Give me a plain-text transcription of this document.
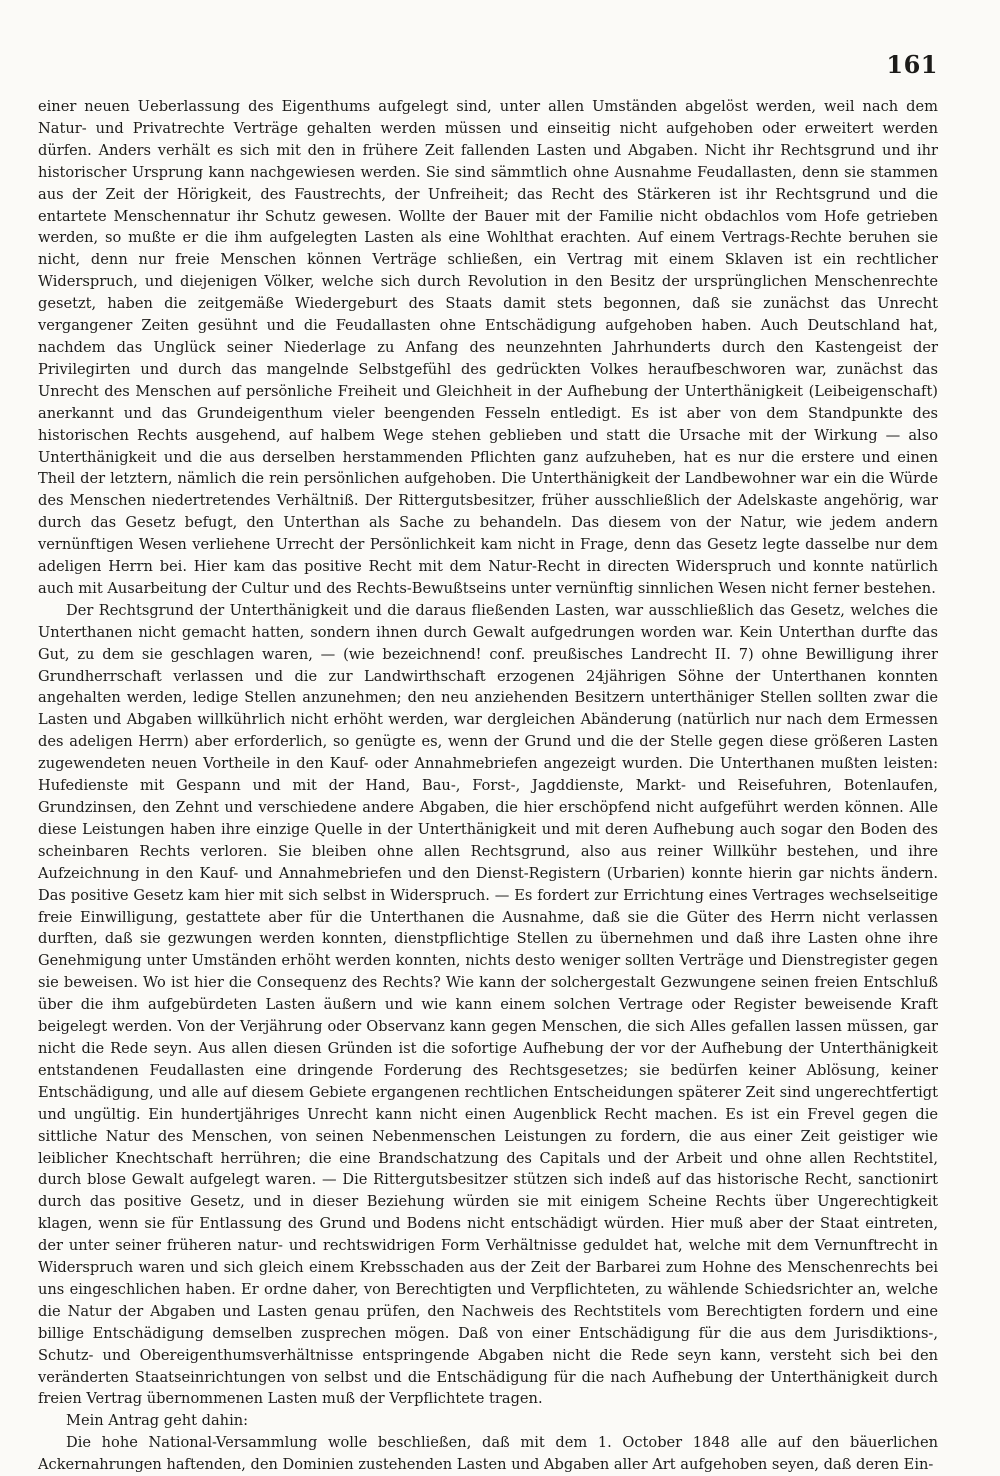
161

einer neuen Ueberlassung des Eigenthums aufgelegt sind, unter allen Umständen abgelöst werden, weil nach dem Natur- und Privatrechte Verträge gehalten werden müssen und einseitig nicht aufgehoben oder erweitert werden dürfen. Anders verhält es sich mit den in frühere Zeit fallenden Lasten und Abgaben. Nicht ihr Rechtsgrund und ihr historischer Ursprung kann nachgewiesen werden. Sie sind sämmtlich ohne Ausnahme Feudallasten, denn sie stammen aus der Zeit der Hörigkeit, des Faustrechts, der Unfreiheit; das Recht des Stärkeren ist ihr Rechtsgrund und die entartete Menschennatur ihr Schutz gewesen. Wollte der Bauer mit der Familie nicht obdachlos vom Hofe getrieben werden, so mußte er die ihm aufgelegten Lasten als eine Wohlthat erachten. Auf einem Vertrags-Rechte beruhen sie nicht, denn nur freie Menschen können Verträge schließen, ein Vertrag mit einem Sklaven ist ein rechtlicher Widerspruch, und diejenigen Völker, welche sich durch Revolution in den Besitz der ursprünglichen Menschenrechte gesetzt, haben die zeitgemäße Wiedergeburt des Staats damit stets begonnen, daß sie zunächst das Unrecht vergangener Zeiten gesühnt und die Feudallasten ohne Entschädigung aufgehoben haben. Auch Deutschland hat, nachdem das Unglück seiner Niederlage zu Anfang des neunzehnten Jahrhunderts durch den Kastengeist der Privilegirten und durch das mangelnde Selbstgefühl des gedrückten Volkes heraufbeschworen war, zunächst das Unrecht des Menschen auf persönliche Freiheit und Gleichheit in der Aufhebung der Unterthänigkeit (Leibeigenschaft) anerkannt und das Grundeigenthum vieler beengenden Fesseln entledigt. Es ist aber von dem Standpunkte des historischen Rechts ausgehend, auf halbem Wege stehen geblieben und statt die Ursache mit der Wirkung — also Unterthänigkeit und die aus derselben herstammenden Pflichten ganz aufzuheben, hat es nur die erstere und einen Theil der letztern, nämlich die rein persönlichen aufgehoben. Die Unterthänigkeit der Landbewohner war ein die Würde des Menschen niedertretendes Verhältniß. Der Rittergutsbesitzer, früher ausschließlich der Adelskaste angehörig, war durch das Gesetz befugt, den Unterthan als Sache zu behandeln. Das diesem von der Natur, wie jedem andern vernünftigen Wesen verliehene Urrecht der Persönlichkeit kam nicht in Frage, denn das Gesetz legte dasselbe nur dem adeligen Herrn bei. Hier kam das positive Recht mit dem Natur-Recht in directen Widerspruch und konnte natürlich auch mit Ausarbeitung der Cultur und des Rechts-Bewußtseins unter vernünftig sinnlichen Wesen nicht ferner bestehen.

Der Rechtsgrund der Unterthänigkeit und die daraus fließenden Lasten, war ausschließlich das Gesetz, welches die Unterthanen nicht gemacht hatten, sondern ihnen durch Gewalt aufgedrungen worden war. Kein Unterthan durfte das Gut, zu dem sie geschlagen waren, — (wie bezeichnend! conf. preußisches Landrecht II. 7) ohne Bewilligung ihrer Grundherrschaft verlassen und die zur Landwirthschaft erzogenen 24jährigen Söhne der Unterthanen konnten angehalten werden, ledige Stellen anzunehmen; den neu anziehenden Besitzern unterthäniger Stellen sollten zwar die Lasten und Abgaben willkührlich nicht erhöht werden, war dergleichen Abänderung (natürlich nur nach dem Ermessen des adeligen Herrn) aber erforderlich, so genügte es, wenn der Grund und die der Stelle gegen diese größeren Lasten zugewendeten neuen Vortheile in den Kauf- oder Annahmebriefen angezeigt wurden. Die Unterthanen mußten leisten: Hufedienste mit Gespann und mit der Hand, Bau-, Forst-, Jagddienste, Markt- und Reisefuhren, Botenlaufen, Grundzinsen, den Zehnt und verschiedene andere Abgaben, die hier erschöpfend nicht aufgeführt werden können. Alle diese Leistungen haben ihre einzige Quelle in der Unterthänigkeit und mit deren Aufhebung auch sogar den Boden des scheinbaren Rechts verloren. Sie bleiben ohne allen Rechtsgrund, also aus reiner Willkühr bestehen, und ihre Aufzeichnung in den Kauf- und Annahmebriefen und den Dienst-Registern (Urbarien) konnte hierin gar nichts ändern. Das positive Gesetz kam hier mit sich selbst in Widerspruch. — Es fordert zur Errichtung eines Vertrages wechselseitige freie Einwilligung, gestattete aber für die Unterthanen die Ausnahme, daß sie die Güter des Herrn nicht verlassen durften, daß sie gezwungen werden konnten, dienstpflichtige Stellen zu übernehmen und daß ihre Lasten ohne ihre Genehmigung unter Umständen erhöht werden konnten, nichts desto weniger sollten Verträge und Dienstregister gegen sie beweisen. Wo ist hier die Consequenz des Rechts? Wie kann der solchergestalt Gezwungene seinen freien Entschluß über die ihm aufgebürdeten Lasten äußern und wie kann einem solchen Vertrage oder Register beweisende Kraft beigelegt werden. Von der Verjährung oder Observanz kann gegen Menschen, die sich Alles gefallen lassen müssen, gar nicht die Rede seyn. Aus allen diesen Gründen ist die sofortige Aufhebung der vor der Aufhebung der Unterthänigkeit entstandenen Feudallasten eine dringende Forderung des Rechtsgesetzes; sie bedürfen keiner Ablösung, keiner Entschädigung, und alle auf diesem Gebiete ergangenen rechtlichen Entscheidungen späterer Zeit sind ungerechtfertigt und ungültig. Ein hundertjähriges Unrecht kann nicht einen Augenblick Recht machen. Es ist ein Frevel gegen die sittliche Natur des Menschen, von seinen Nebenmenschen Leistungen zu fordern, die aus einer Zeit geistiger wie leiblicher Knechtschaft herrühren; die eine Brandschatzung des Capitals und der Arbeit und ohne allen Rechtstitel, durch blose Gewalt aufgelegt waren. — Die Rittergutsbesitzer stützen sich indeß auf das historische Recht, sanctionirt durch das positive Gesetz, und in dieser Beziehung würden sie mit einigem Scheine Rechts über Ungerechtigkeit klagen, wenn sie für Entlassung des Grund und Bodens nicht entschädigt würden. Hier muß aber der Staat eintreten, der unter seiner früheren natur- und rechtswidrigen Form Verhältnisse geduldet hat, welche mit dem Vernunftrecht in Widerspruch waren und sich gleich einem Krebsschaden aus der Zeit der Barbarei zum Hohne des Menschenrechts bei uns eingeschlichen haben. Er ordne daher, von Berechtigten und Verpflichteten, zu wählende Schiedsrichter an, welche die Natur der Abgaben und Lasten genau prüfen, den Nachweis des Rechtstitels vom Berechtigten fordern und eine billige Entschädigung demselben zusprechen mögen. Daß von einer Entschädigung für die aus dem Jurisdiktions-, Schutz- und Obereigenthumsverhältnisse entspringende Abgaben nicht die Rede seyn kann, versteht sich bei den veränderten Staatseinrichtungen von selbst und die Entschädigung für die nach Aufhebung der Unterthänigkeit durch freien Vertrag übernommenen Lasten muß der Verpflichtete tragen.

Mein Antrag geht dahin:

Die hohe National-Versammlung wolle beschließen, daß mit dem 1. October 1848 alle auf den bäuerlichen Ackernahrungen haftenden, den Dominien zustehenden Lasten und Abgaben aller Art aufgehoben seyen, daß deren Ein-
